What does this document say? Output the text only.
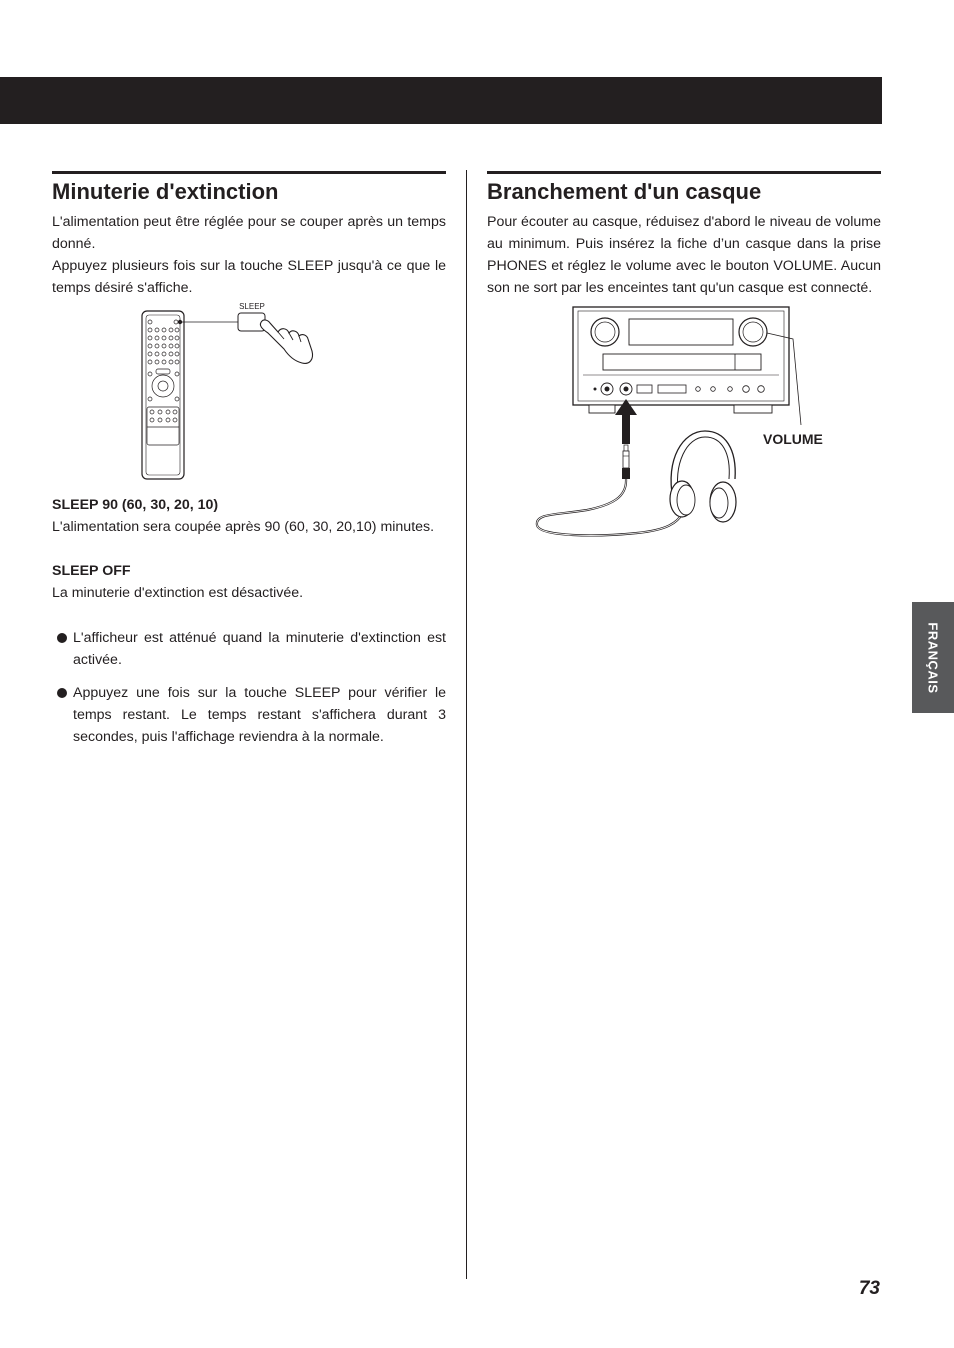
Minuterie d'extinction

L'alimentation peut être réglée pour se couper après un temps donné.

Appuyez plusieurs fois sur la touche SLEEP jusqu'à ce que le temps désiré s'affiche.

SLEEP

SLEEP 90 (60, 30, 20, 10)

L'alimentation sera coupée après 90 (60, 30, 20,10) minutes.

SLEEP OFF

La minuterie d'extinction est désactivée.

L'afficheur est atténué quand la minuterie d'extinction est activée.

Appuyez une fois sur la touche SLEEP pour vérifier le temps restant. Le temps restant s'affichera durant 3 secondes, puis l'affichage reviendra à la normale.

Branchement d'un casque

Pour écouter au casque, réduisez d'abord le niveau de volume au minimum. Puis insérez la fiche d’un casque dans la prise PHONES et réglez le volume avec le bouton VOLUME. Aucun son ne sort par les enceintes tant qu'un casque est connecté.

VOLUME
FRANÇAIS
73
